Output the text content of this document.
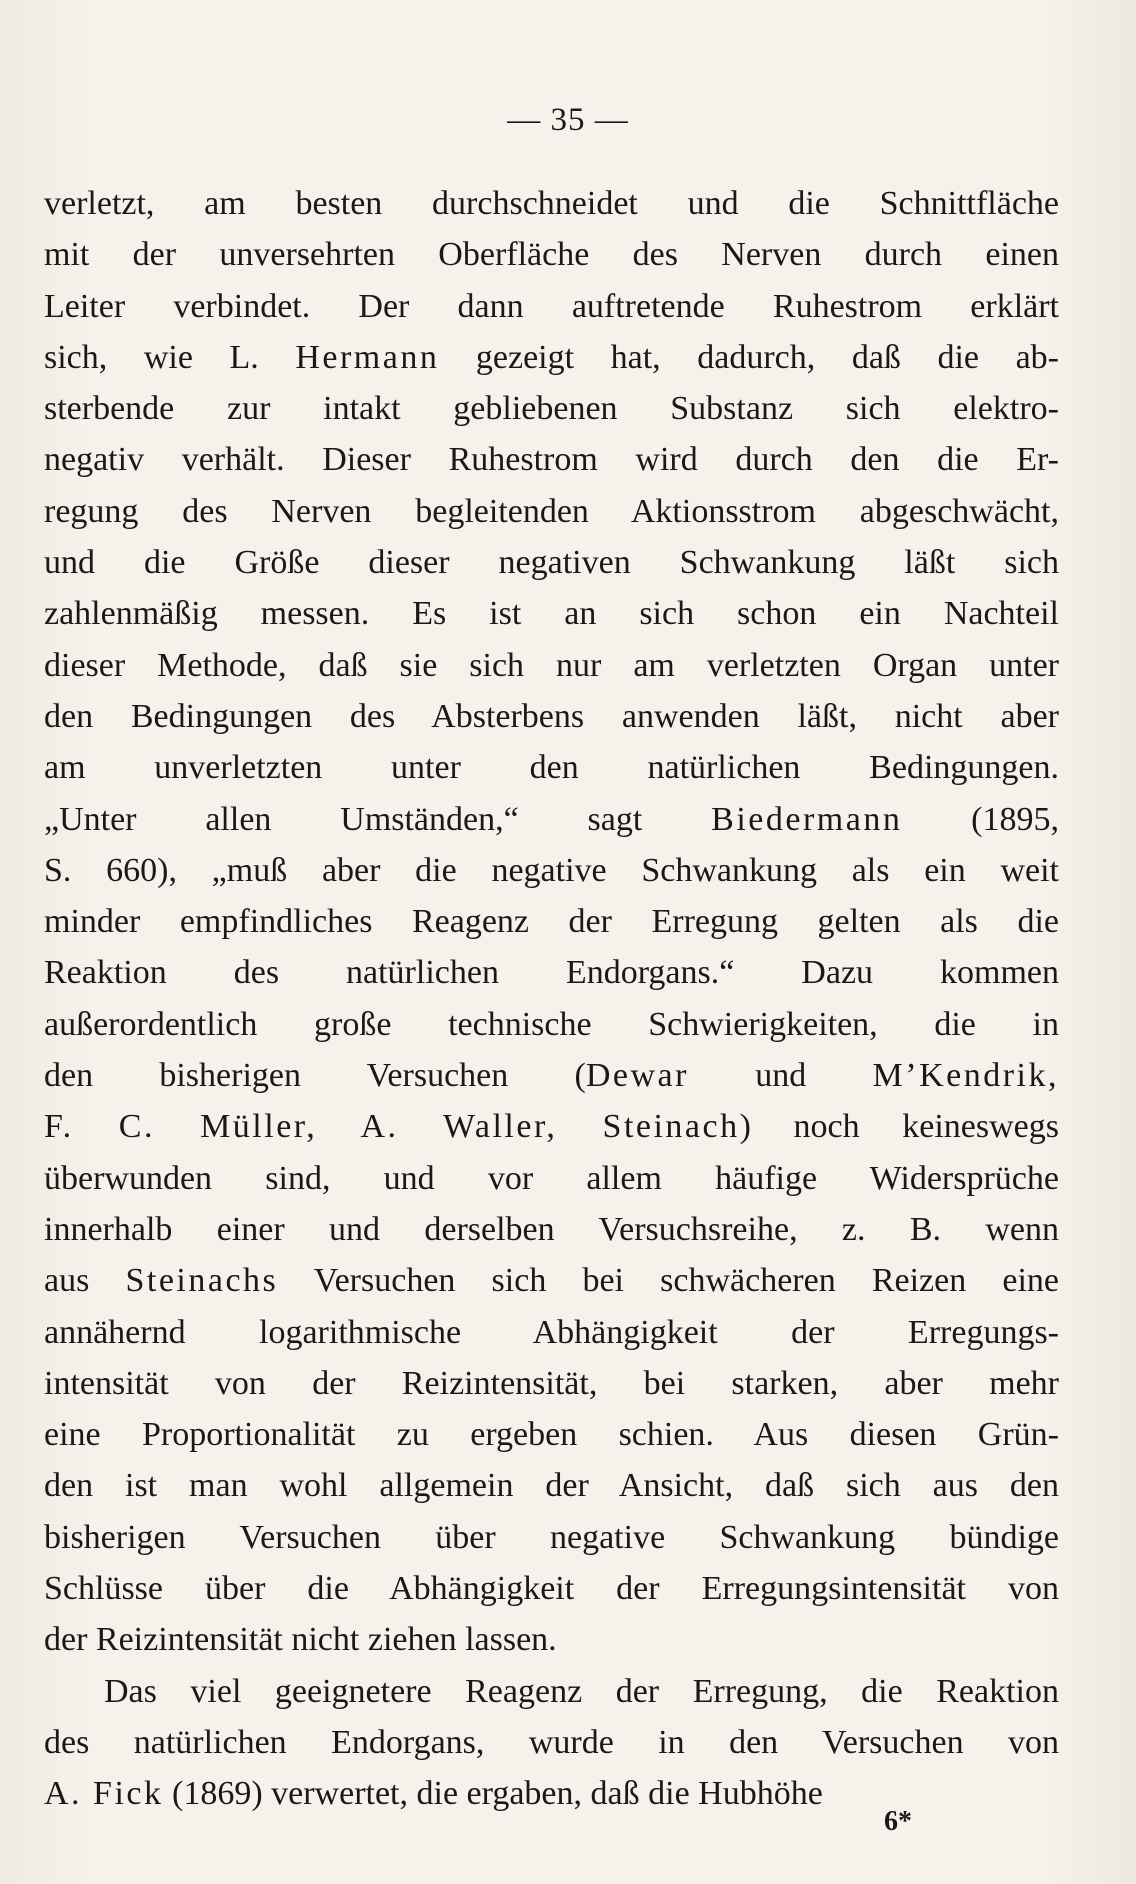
— 35 —
verletzt, am besten durchschneidet und die Schnittfläche
mit der unversehrten Oberfläche des Nerven durch einen
Leiter verbindet. Der dann auftretende Ruhestrom erklärt
sich, wie L. Hermann gezeigt hat, dadurch, daß die ab-
sterbende zur intakt gebliebenen Substanz sich elektro-
negativ verhält. Dieser Ruhestrom wird durch den die Er-
regung des Nerven begleitenden Aktionsstrom abgeschwächt,
und die Größe dieser negativen Schwankung läßt sich
zahlenmäßig messen. Es ist an sich schon ein Nachteil
dieser Methode, daß sie sich nur am verletzten Organ unter
den Bedingungen des Absterbens anwenden läßt, nicht aber
am unverletzten unter den natürlichen Bedingungen.
„Unter allen Umständen,“ sagt Biedermann (1895,
S. 660), „muß aber die negative Schwankung als ein weit
minder empfindliches Reagenz der Erregung gelten als die
Reaktion des natürlichen Endorgans.“ Dazu kommen
außerordentlich große technische Schwierigkeiten, die in
den bisherigen Versuchen (Dewar und M’Kendrik,
F. C. Müller, A. Waller, Steinach) noch keineswegs
überwunden sind, und vor allem häufige Widersprüche
innerhalb einer und derselben Versuchsreihe, z. B. wenn
aus Steinachs Versuchen sich bei schwächeren Reizen eine
annähernd logarithmische Abhängigkeit der Erregungs-
intensität von der Reizintensität, bei starken, aber mehr
eine Proportionalität zu ergeben schien. Aus diesen Grün-
den ist man wohl allgemein der Ansicht, daß sich aus den
bisherigen Versuchen über negative Schwankung bündige
Schlüsse über die Abhängigkeit der Erregungsintensität von
der Reizintensität nicht ziehen lassen.
Das viel geeignetere Reagenz der Erregung, die Reaktion
des natürlichen Endorgans, wurde in den Versuchen von
A. Fick (1869) verwertet, die ergaben, daß die Hubhöhe
6*
